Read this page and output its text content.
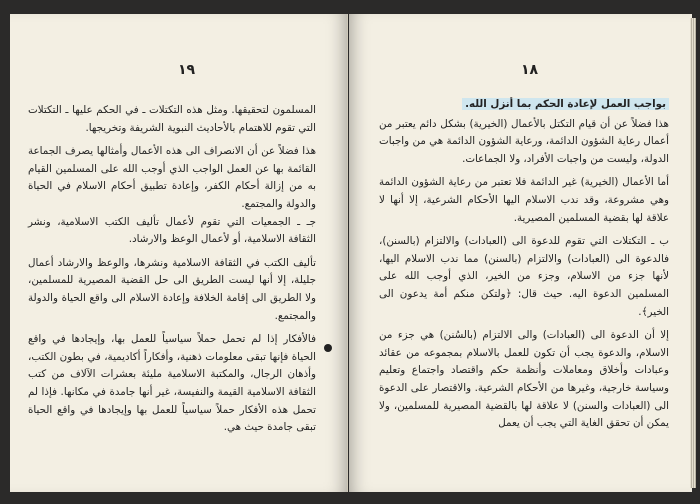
١٩

المسلمون لتحقيقها. ومثل هذه التكتلات ـ في الحكم عليها ـ التكتلات التي تقوم للاهتمام بالأحاديث النبوية الشريفة وتخريجها.

هذا فضلاً عن أن الانصراف الى هذه الأعمال وأمثالها يصرف الجماعة القائمة بها عن العمل الواجب الذي أوجب الله على المسلمين القيام به من إزالة أحكام الكفر، وإعادة تطبيق أحكام الاسلام في الحياة والدولة والمجتمع.

جـ ـ الجمعيات التي تقوم لأعمال تأليف الكتب الاسلامية، ونشر الثقافة الاسلامية، أو لأعمال الوعظ والارشاد.

تأليف الكتب في الثقافة الاسلامية ونشرها، والوعظ والارشاد أعمال جليلة، إلا أنها ليست الطريق الى حل القضية المصيرية للمسلمين، ولا الطريق الى إقامة الخلافة وإعادة الاسلام الى واقع الحياة والدولة والمجتمع.

فالأفكار إذا لم تحمل حملاً سياسياً للعمل بها، وإيجادها في واقع الحياة فإنها تبقى معلومات ذهنية، وأفكاراً أكاديمية، في بطون الكتب، وأذهان الرجال، والمكتبة الاسلامية مليئة بعشرات الآلاف من كتب الثقافة الاسلامية القيمة والنفيسة، غير أنها جامدة في مكانها. فإذا لم تحمل هذه الأفكار حملاً سياسياً للعمل بها وإيجادها في واقع الحياة تبقى جامدة حيث هي.

١٨

بواجب العمل لإعادة الحكم بما أنزل الله.

هذا فضلاً عن أن قيام التكتل بالأعمال (الخيرية) بشكل دائم يعتبر من أعمال رعاية الشؤون الدائمة، ورعاية الشؤون الدائمة هي من واجبات الدولة، وليست من واجبات الأفراد، ولا الجماعات.

أما الأعمال (الخيرية) غير الدائمة فلا تعتبر من رعاية الشؤون الدائمة وهي مشروعة، وقد ندب الاسلام اليها الأحكام الشرعية، إلا أنها لا علاقة لها بقضية المسلمين المصيرية.

ب ـ التكتلات التي تقوم للدعوة الى (العبادات) والالتزام (بالسنن)، فالدعوة الى (العبادات) والالتزام (بالسنن) مما ندب الاسلام اليها، لأنها جزء من الاسلام، وجزء من الخير، الذي أوجب الله على المسلمين الدعوة اليه. حيث قال: ﴿ولتكن منكم أمة يدعون الى الخير﴾.

إلا أن الدعوة الى (العبادات) والى الالتزام (بالسُنن) هي جزء من الاسلام، والدعوة يجب أن تكون للعمل بالاسلام بمجموعه من عقائد وعبادات وأخلاق ومعاملات وأنظمة حكم واقتصاد واجتماع وتعليم وسياسة خارجية، وغيرها من الأحكام الشرعية. والاقتصار على الدعوة الى (العبادات والسنن) لا علاقة لها بالقضية المصيرية للمسلمين، ولا يمكن أن تحقق الغاية التي يجب أن يعمل
